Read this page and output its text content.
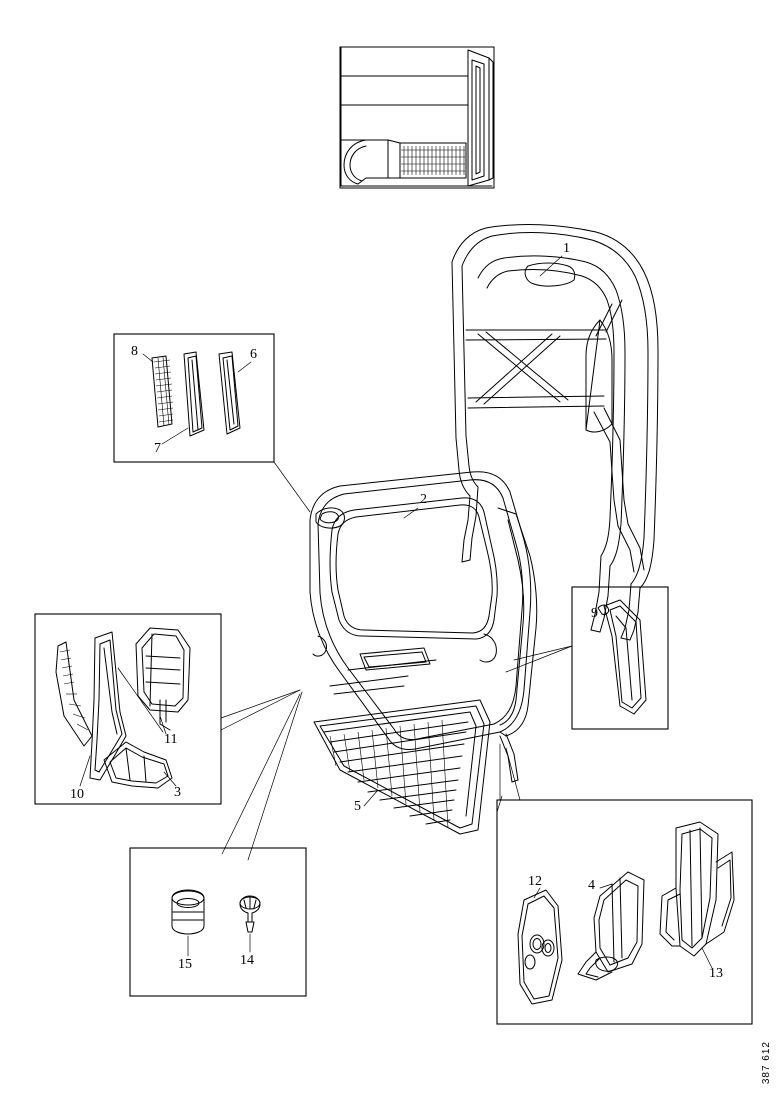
1
2
8
7
6
10	3
11
5
9
15	14
12	4
13
387 612
